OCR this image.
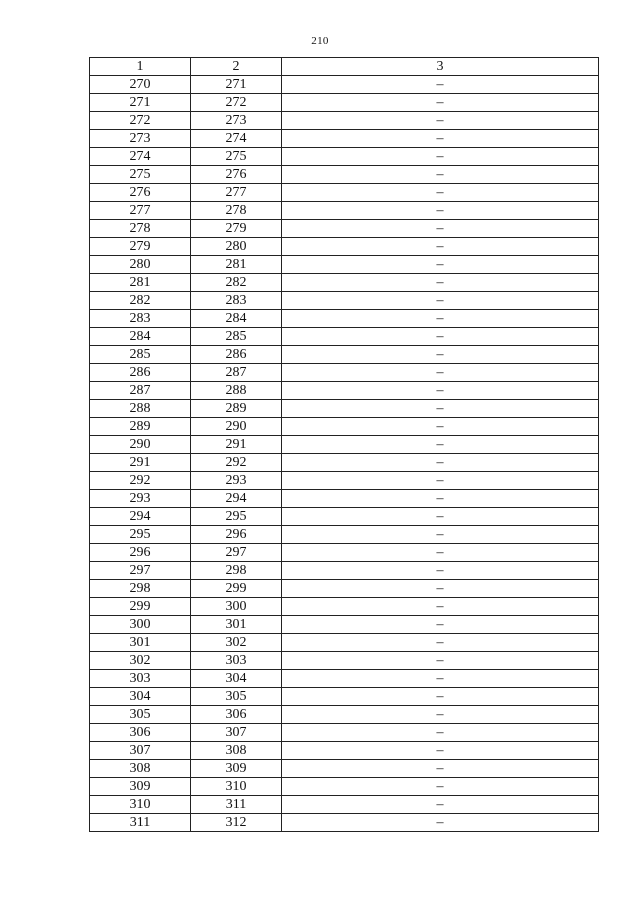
210
1	2	3
270	271	–
271	272	–
272	273	–
273	274	–
274	275	–
275	276	–
276	277	–
277	278	–
278	279	–
279	280	–
280	281	–
281	282	–
282	283	–
283	284	–
284	285	–
285	286	–
286	287	–
287	288	–
288	289	–
289	290	–
290	291	–
291	292	–
292	293	–
293	294	–
294	295	–
295	296	–
296	297	–
297	298	–
298	299	–
299	300	–
300	301	–
301	302	–
302	303	–
303	304	–
304	305	–
305	306	–
306	307	–
307	308	–
308	309	–
309	310	–
310	311	–
311	312	–
